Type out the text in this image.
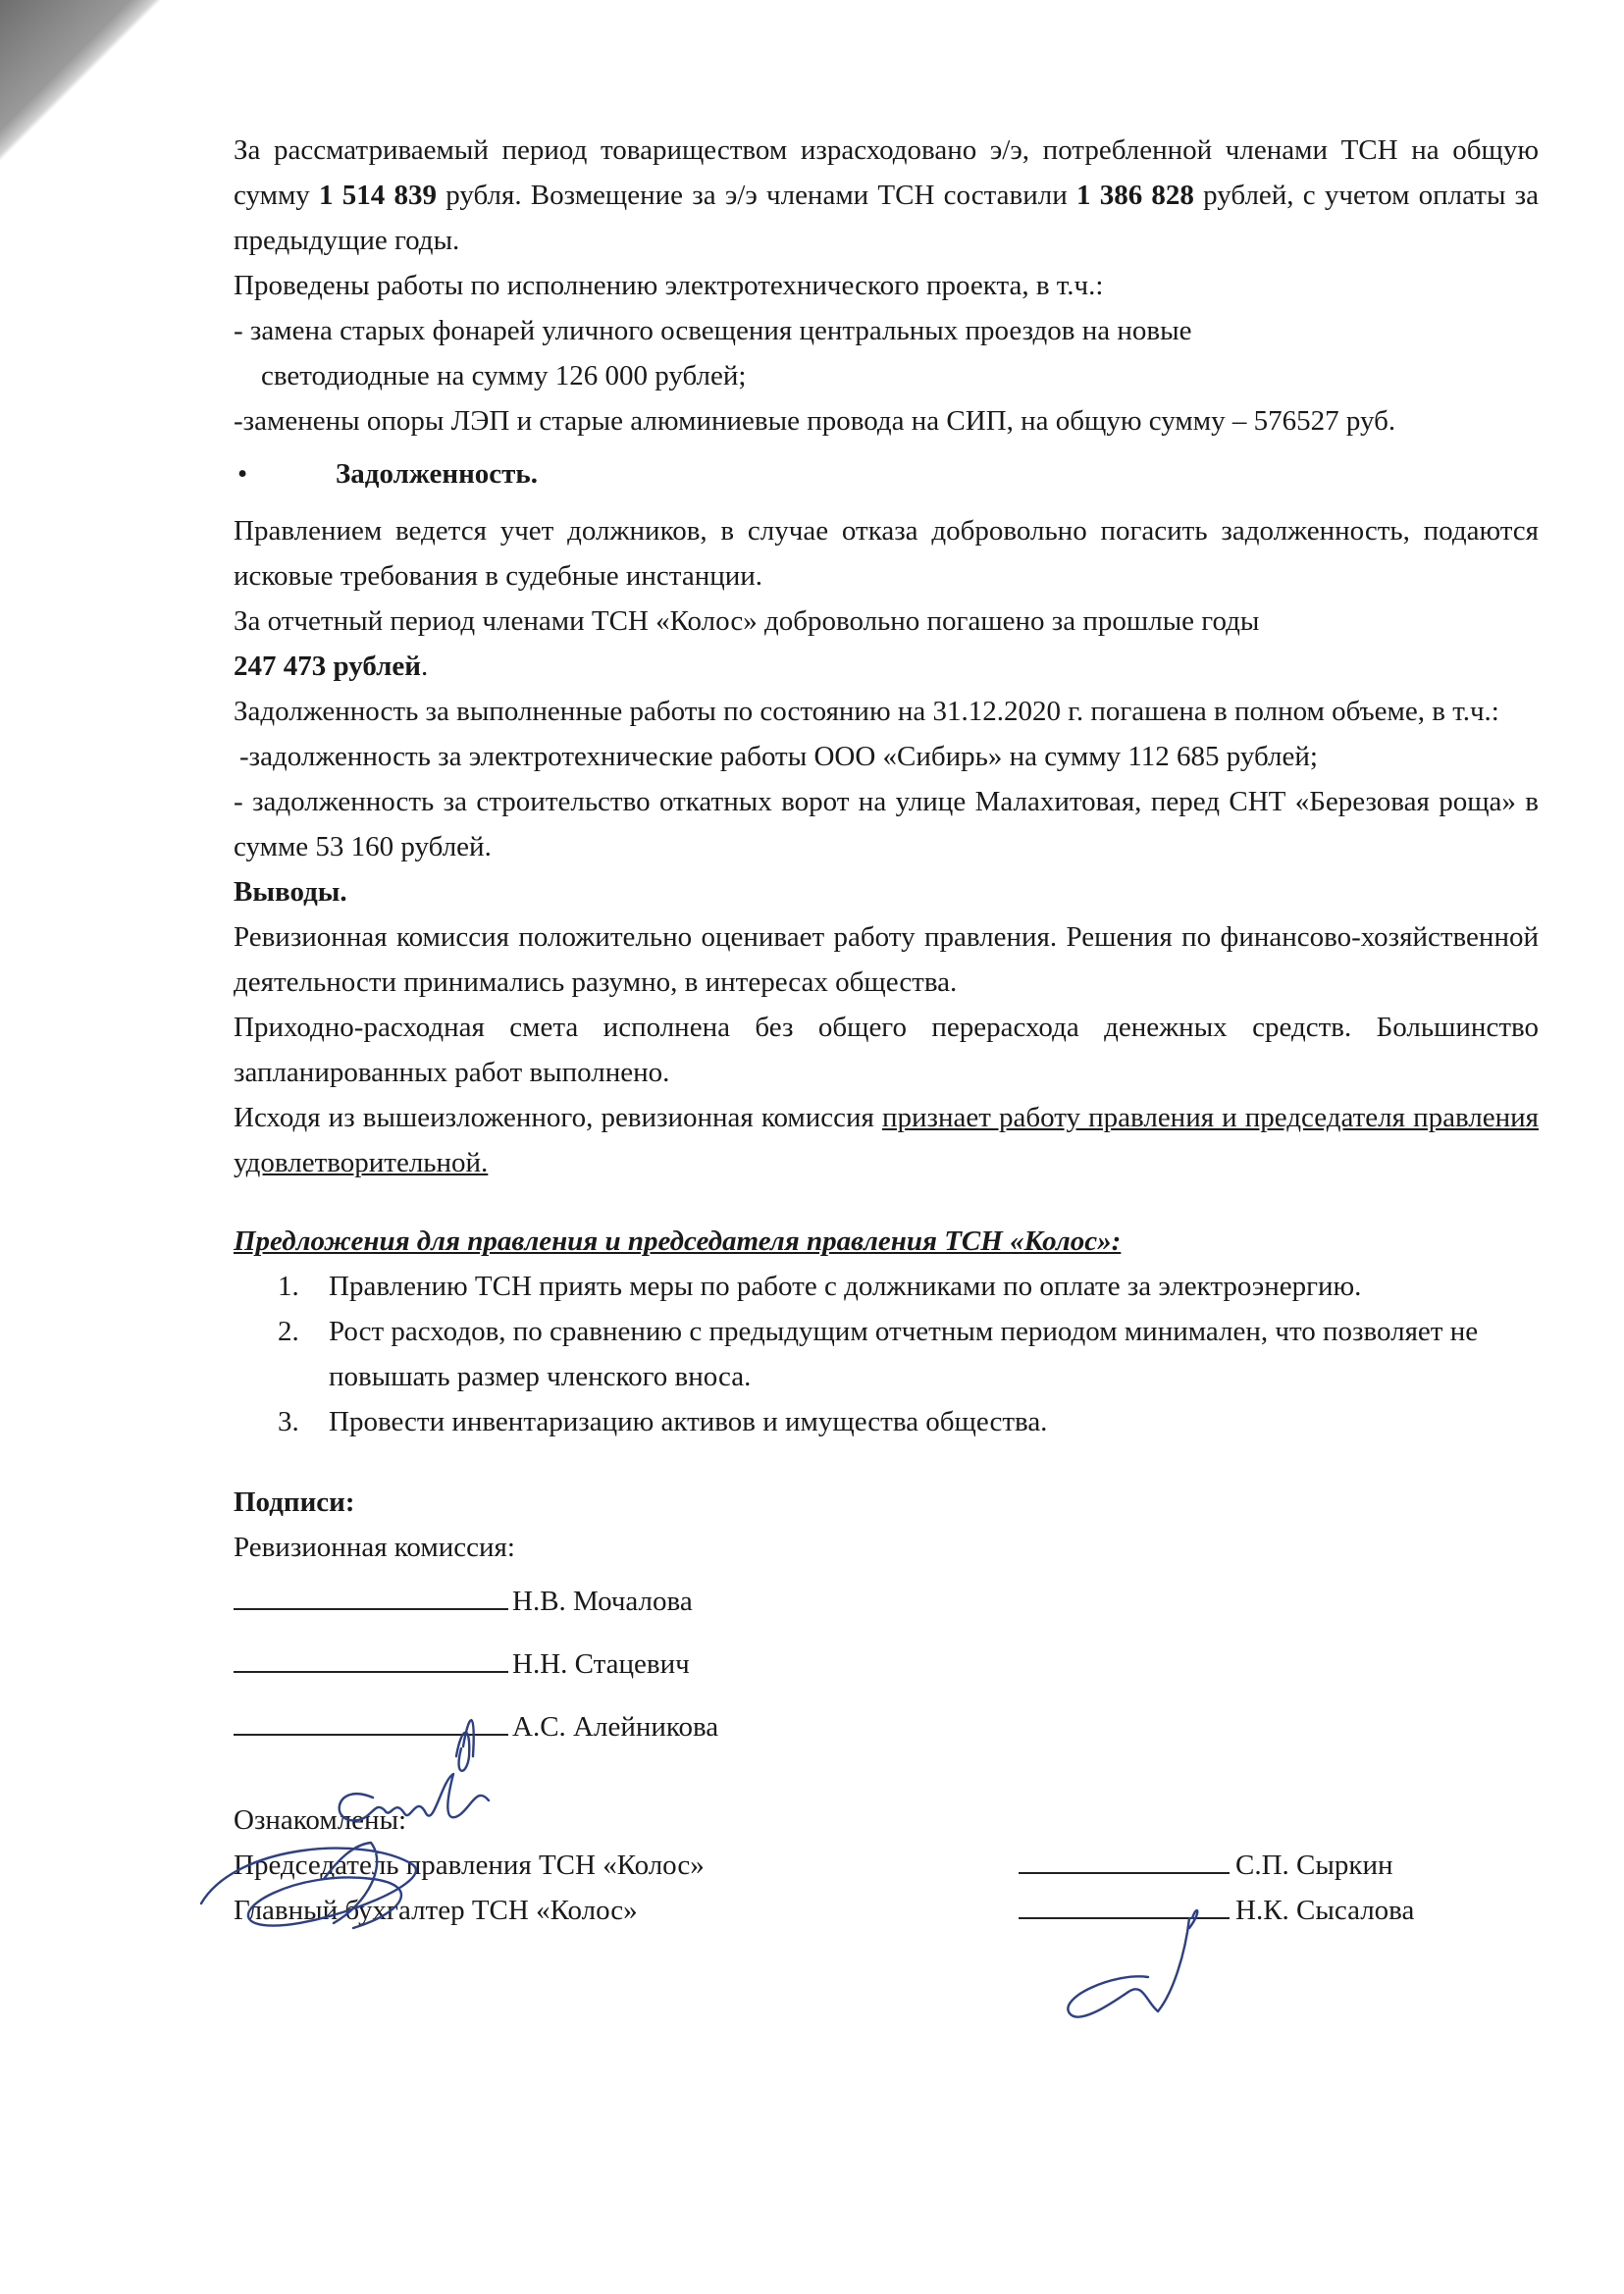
За рассматриваемый период товариществом израсходовано э/э, потребленной членами ТСН на общую сумму 1 514 839 рубля. Возмещение за э/э членами ТСН составили 1 386 828 рублей, с учетом оплаты за предыдущие годы.

Проведены работы по исполнению электротехнического проекта, в т.ч.:

- замена старых фонарей уличного освещения центральных проездов на новые

светодиодные на сумму 126 000 рублей;

-заменены опоры ЛЭП и старые алюминиевые провода на СИП, на общую сумму – 576527 руб.

•	Задолженность.

Правлением ведется учет должников, в случае отказа добровольно погасить задолженность, подаются исковые требования в судебные инстанции.

За отчетный период членами ТСН «Колос» добровольно погашено за прошлые годы

247 473 рублей.

Задолженность за выполненные работы по состоянию на 31.12.2020 г. погашена в полном объеме, в т.ч.:

-задолженность за электротехнические работы ООО «Сибирь» на сумму 112 685 рублей;

- задолженность за строительство откатных ворот на улице Малахитовая, перед СНТ «Березовая роща» в сумме 53 160 рублей.

Выводы.

Ревизионная комиссия положительно оценивает работу правления. Решения по финансово-хозяйственной деятельности принимались разумно, в интересах общества.

Приходно-расходная смета исполнена без общего перерасхода денежных средств. Большинство запланированных работ выполнено.

Исходя из вышеизложенного, ревизионная комиссия признает работу правления и председателя правления удовлетворительной.

Предложения для правления и председателя правления ТСН «Колос»:

1.	Правлению ТСН приять меры по работе с должниками по оплате за электроэнергию.
2.	Рост расходов, по сравнению с предыдущим отчетным периодом минимален, что позволяет не повышать размер членского вноса.
3.	Провести инвентаризацию активов и имущества общества.

Подписи:

Ревизионная комиссия:

Н.В. Мочалова
Н.Н. Стацевич
А.С. Алейникова

Ознакомлены:

Председатель правления ТСН «Колос»	С.П. Сыркин
Главный бухгалтер ТСН «Колос»	Н.К. Сысалова
